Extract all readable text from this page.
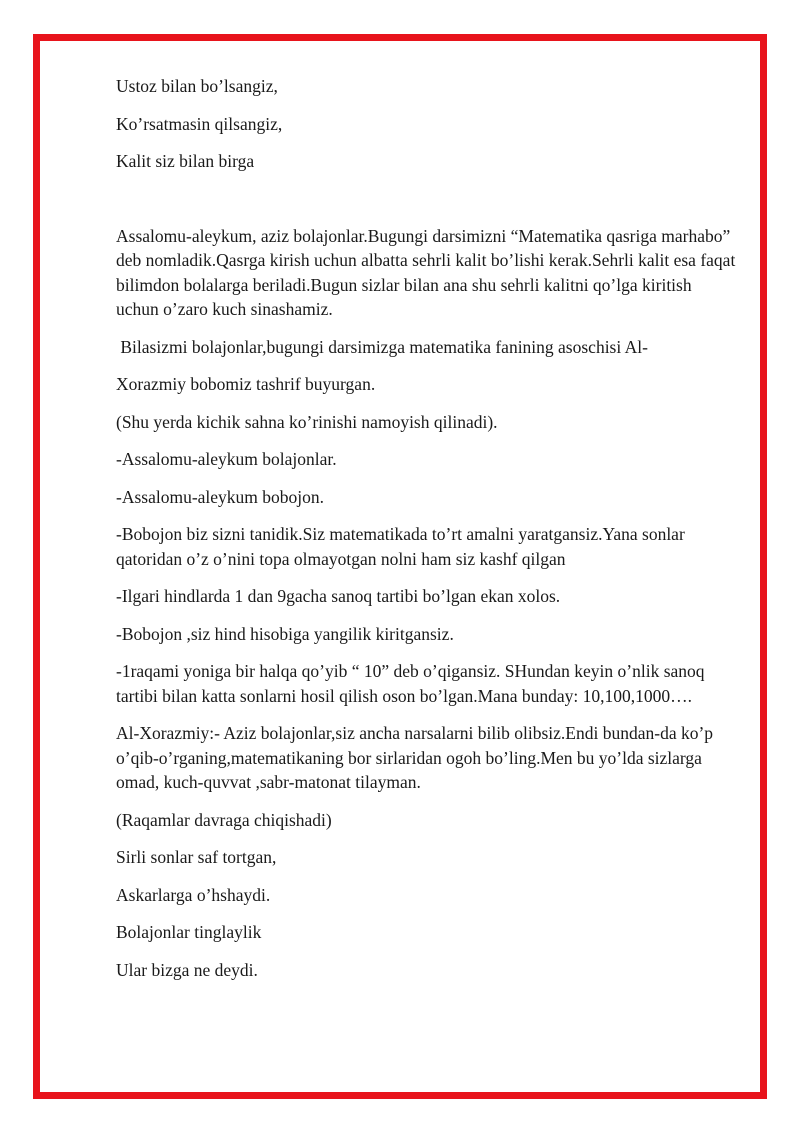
Ustoz bilan bo’lsangiz,

Ko’rsatmasin qilsangiz,

Kalit siz bilan birga

Assalomu-aleykum, aziz bolajonlar.Bugungi darsimizni “Matematika qasriga marhabo” deb nomladik.Qasrga kirish uchun albatta sehrli kalit bo’lishi kerak.Sehrli kalit esa faqat bilimdon bolalarga beriladi.Bugun sizlar bilan ana shu sehrli kalitni qo’lga kiritish uchun o’zaro kuch sinashamiz.

Bilasizmi bolajonlar,bugungi darsimizga matematika fanining asoschisi Al-

Xorazmiy bobomiz tashrif buyurgan.

(Shu yerda kichik sahna ko’rinishi namoyish qilinadi).

-Assalomu-aleykum bolajonlar.

-Assalomu-aleykum bobojon.

-Bobojon biz sizni tanidik.Siz matematikada to’rt amalni yaratgansiz.Yana sonlar qatoridan o’z o’nini topa olmayotgan nolni ham siz kashf qilgan

-Ilgari hindlarda 1 dan 9gacha sanoq tartibi bo’lgan ekan xolos.

-Bobojon ,siz hind hisobiga yangilik kiritgansiz.

-1raqami yoniga bir halqa qo’yib “ 10” deb o’qigansiz. SHundan keyin o’nlik sanoq tartibi bilan katta sonlarni hosil qilish oson bo’lgan.Mana bunday: 10,100,1000….

Al-Xorazmiy:- Aziz bolajonlar,siz ancha narsalarni bilib olibsiz.Endi bundan-da ko’p o’qib-o’rganing,matematikaning bor sirlaridan ogoh bo’ling.Men bu yo’lda sizlarga omad, kuch-quvvat ,sabr-matonat tilayman.

(Raqamlar davraga chiqishadi)

Sirli sonlar saf tortgan,

Askarlarga o’hshaydi.

Bolajonlar tinglaylik

Ular bizga ne deydi.
